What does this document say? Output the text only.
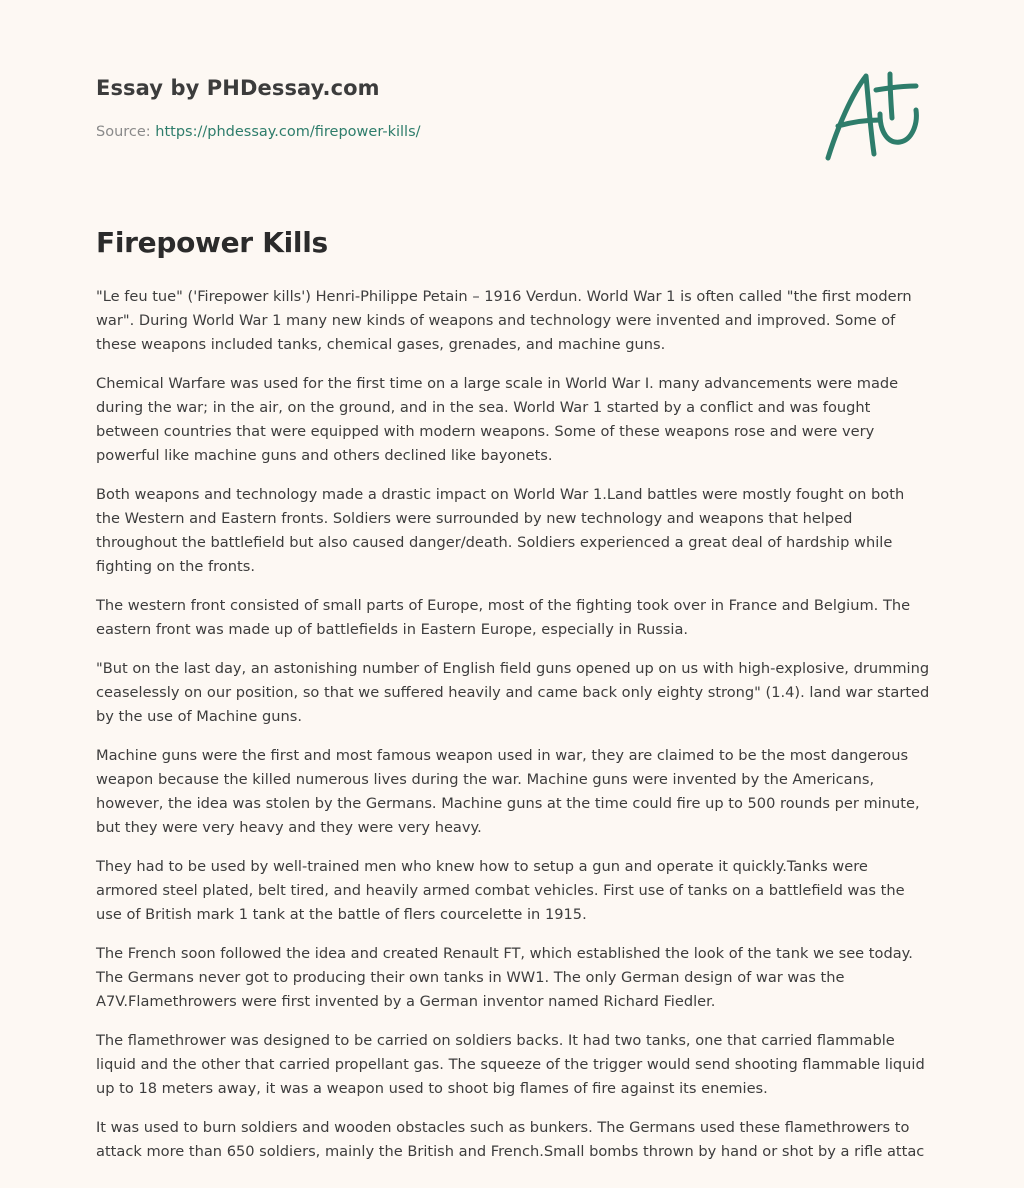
Essay by PHDessay.com
Source: https://phdessay.com/firepower-kills/
Firepower Kills

"Le feu tue" ('Firepower kills') Henri-Philippe Petain – 1916 Verdun. World War 1 is often called "the first modern war". During World War 1 many new kinds of weapons and technology were invented and improved. Some of these weapons included tanks, chemical gases, grenades, and machine guns.

Chemical Warfare was used for the first time on a large scale in World War I. many advancements were made during the war; in the air, on the ground, and in the sea. World War 1 started by a conflict and was fought between countries that were equipped with modern weapons. Some of these weapons rose and were very powerful like machine guns and others declined like bayonets.

Both weapons and technology made a drastic impact on World War 1.Land battles were mostly fought on both the Western and Eastern fronts. Soldiers were surrounded by new technology and weapons that helped throughout the battlefield but also caused danger/death. Soldiers experienced a great deal of hardship while fighting on the fronts.

The western front consisted of small parts of Europe, most of the fighting took over in France and Belgium. The eastern front was made up of battlefields in Eastern Europe, especially in Russia.

"But on the last day, an astonishing number of English field guns opened up on us with high-explosive, drumming ceaselessly on our position, so that we suffered heavily and came back only eighty strong" (1.4). land war started by the use of Machine guns.

Machine guns were the first and most famous weapon used in war, they are claimed to be the most dangerous weapon because the killed numerous lives during the war. Machine guns were invented by the Americans, however, the idea was stolen by the Germans. Machine guns at the time could fire up to 500 rounds per minute, but they were very heavy and they were very heavy.

They had to be used by well-trained men who knew how to setup a gun and operate it quickly.Tanks were armored steel plated, belt tired, and heavily armed combat vehicles. First use of tanks on a battlefield was the use of British mark 1 tank at the battle of flers courcelette in 1915.

The French soon followed the idea and created Renault FT, which established the look of the tank we see today. The Germans never got to producing their own tanks in WW1. The only German design of war was the A7V.Flamethrowers were first invented by a German inventor named Richard Fiedler.

The flamethrower was designed to be carried on soldiers backs. It had two tanks, one that carried flammable liquid and the other that carried propellant gas. The squeeze of the trigger would send shooting flammable liquid up to 18 meters away, it was a weapon used to shoot big flames of fire against its enemies.

It was used to burn soldiers and wooden obstacles such as bunkers. The Germans used these flamethrowers to attack more than 650 soldiers, mainly the British and French.Small bombs thrown by hand or shot by a rifle attac
